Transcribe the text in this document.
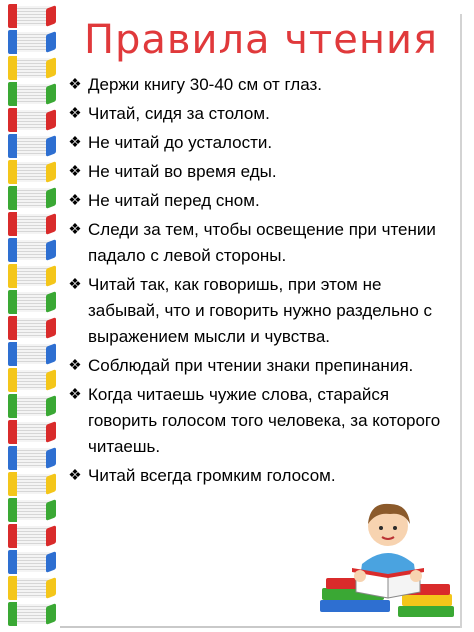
Правила чтения
❖ Держи книгу 30-40 см от глаз.
❖ Читай, сидя за столом.
❖ Не читай до усталости.
❖ Не читай во время еды.
❖ Не читай перед сном.
❖ Следи за тем, чтобы освещение при чтении падало с левой стороны.
❖ Читай так, как говоришь, при этом не забывай, что и говорить нужно раздельно с выражением мысли и чувства.
❖ Соблюдай при чтении знаки препинания.
❖ Когда читаешь чужие слова, старайся говорить голосом того человека, за которого читаешь.
❖ Читай всегда громким голосом.
